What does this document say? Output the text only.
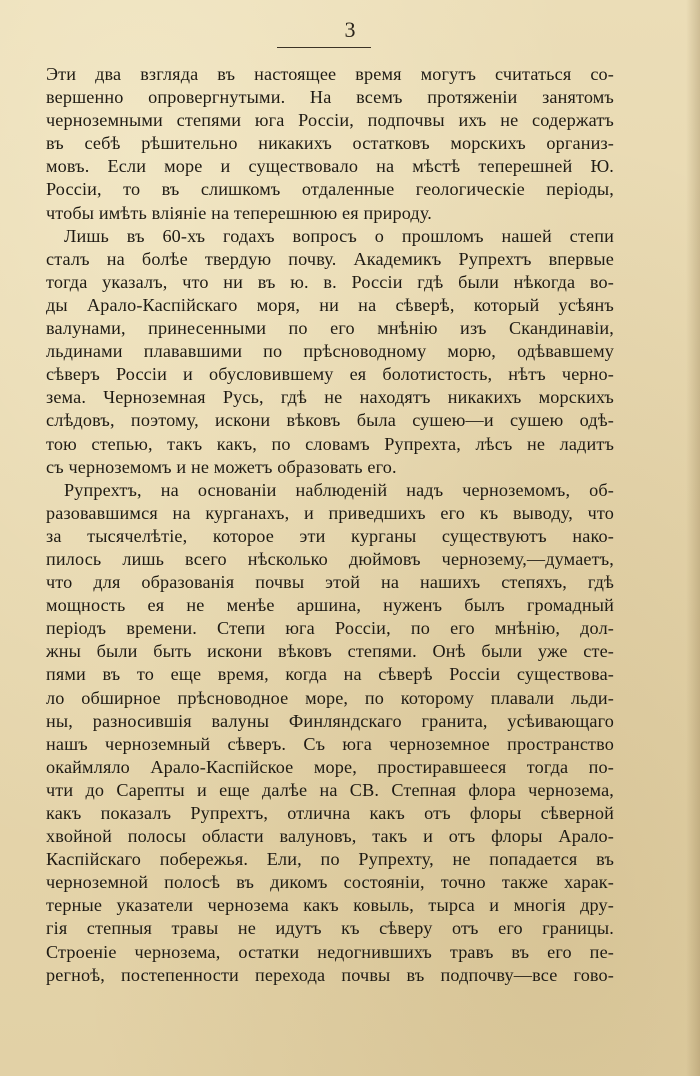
3
Эти два взгляда въ настоящее время могутъ считаться со-
вершенно опровергнутыми. На всемъ протяженіи занятомъ
черноземными степями юга Россіи, подпочвы ихъ не содержатъ
въ себѣ рѣшительно никакихъ остатковъ морскихъ организ-
мовъ. Если море и существовало на мѣстѣ теперешней Ю.
Россіи, то въ слишкомъ отдаленные геологическіе періоды,
чтобы имѣть вліяніе на теперешнюю ея природу.
Лишь въ 60-хъ годахъ вопросъ о прошломъ нашей степи
сталъ на болѣе твердую почву. Академикъ Рупрехтъ впервые
тогда указалъ, что ни въ ю. в. Россіи гдѣ были нѣкогда во-
ды Арало-Каспійскаго моря, ни на сѣверѣ, который усѣянъ
валунами, принесенными по его мнѣнію изъ Скандинавіи,
льдинами плававшими по прѣсноводному морю, одѣвавшему
сѣверъ Россіи и обусловившему ея болотистость, нѣтъ черно-
зема. Черноземная Русь, гдѣ не находятъ никакихъ морскихъ
слѣдовъ, поэтому, искони вѣковъ была сушею—и сушею одѣ-
тою степью, такъ какъ, по словамъ Рупрехта, лѣсъ не ладитъ
съ черноземомъ и не можетъ образовать его.
Рупрехтъ, на основаніи наблюденій надъ черноземомъ, об-
разовавшимся на курганахъ, и приведшихъ его къ выводу, что
за тысячелѣтіе, которое эти курганы существуютъ нако-
пилось лишь всего нѣсколько дюймовъ чернозему,—думаетъ,
что для образованія почвы этой на нашихъ степяхъ, гдѣ
мощность ея не менѣе аршина, нуженъ былъ громадный
періодъ времени. Степи юга Россіи, по его мнѣнію, дол-
жны были быть искони вѣковъ степями. Онѣ были уже сте-
пями въ то еще время, когда на сѣверѣ Россіи существова-
ло обширное прѣсноводное море, по которому плавали льди-
ны, разносившія валуны Финляндскаго гранита, усѣивающаго
нашъ черноземный сѣверъ. Съ юга черноземное пространство
окаймляло Арало-Каспійское море, простиравшееся тогда по-
чти до Сарепты и еще далѣе на СВ. Степная флора чернозема,
какъ показалъ Рупрехтъ, отлична какъ отъ флоры сѣверной
хвойной полосы области валуновъ, такъ и отъ флоры Арало-
Каспійскаго побережья. Ели, по Рупрехту, не попадается въ
черноземной полосѣ въ дикомъ состояніи, точно также харак-
терные указатели чернозема какъ ковыль, тырса и многія дру-
гія степныя травы не идутъ къ сѣверу отъ его границы.
Строеніе чернозема, остатки недогнившихъ травъ въ его пе-
регноѣ, постепенности перехода почвы въ подпочву—все гово-
